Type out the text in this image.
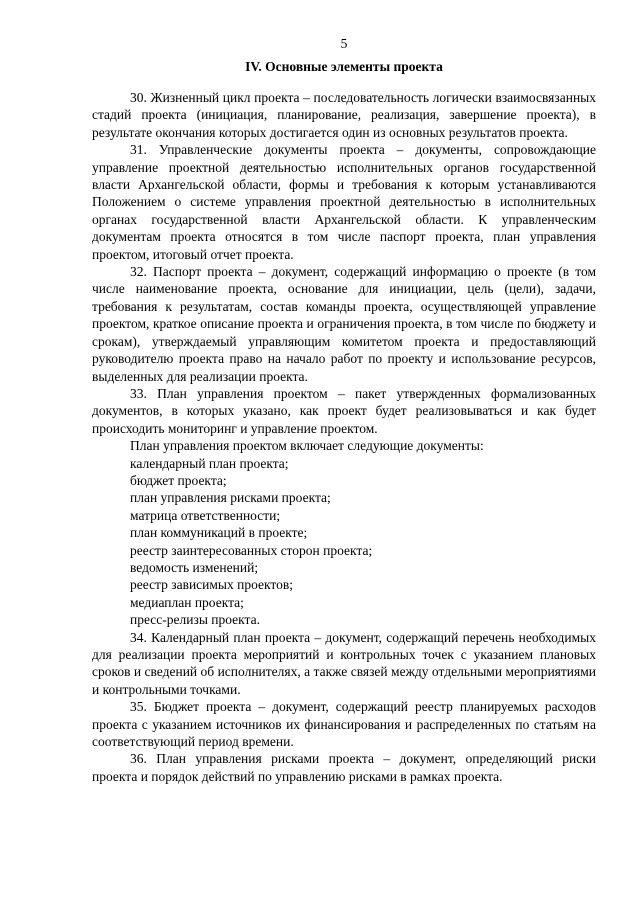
5
IV. Основные элементы проекта

30. Жизненный цикл проекта – последовательность логически взаимосвязанных стадий проекта (инициация, планирование, реализация, завершение проекта), в результате окончания которых достигается один из основных результатов проекта.

31. Управленческие документы проекта – документы, сопровождающие управление проектной деятельностью исполнительных органов государственной власти Архангельской области, формы и требования к которым устанавливаются Положением о системе управления проектной деятельностью в исполнительных органах государственной власти Архангельской области. К управленческим документам проекта относятся в том числе паспорт проекта, план управления проектом, итоговый отчет проекта.

32. Паспорт проекта – документ, содержащий информацию о проекте (в том числе наименование проекта, основание для инициации, цель (цели), задачи, требования к результатам, состав команды проекта, осуществляющей управление проектом, краткое описание проекта и ограничения проекта, в том числе по бюджету и срокам), утверждаемый управляющим комитетом проекта и предоставляющий руководителю проекта право на начало работ по проекту и использование ресурсов, выделенных для реализации проекта.

33. План управления проектом – пакет утвержденных формализованных документов, в которых указано, как проект будет реализовываться и как будет происходить мониторинг и управление проектом.

План управления проектом включает следующие документы:

календарный план проекта;
бюджет проекта;
план управления рисками проекта;
матрица ответственности;
план коммуникаций в проекте;
реестр заинтересованных сторон проекта;
ведомость изменений;
реестр зависимых проектов;
медиаплан проекта;
пресс-релизы проекта.

34. Календарный план проекта – документ, содержащий перечень необходимых для реализации проекта мероприятий и контрольных точек с указанием плановых сроков и сведений об исполнителях, а также связей между отдельными мероприятиями и контрольными точками.

35. Бюджет проекта – документ, содержащий реестр планируемых расходов проекта с указанием источников их финансирования и распределенных по статьям на соответствующий период времени.

36. План управления рисками проекта – документ, определяющий риски проекта и порядок действий по управлению рисками в рамках проекта.
